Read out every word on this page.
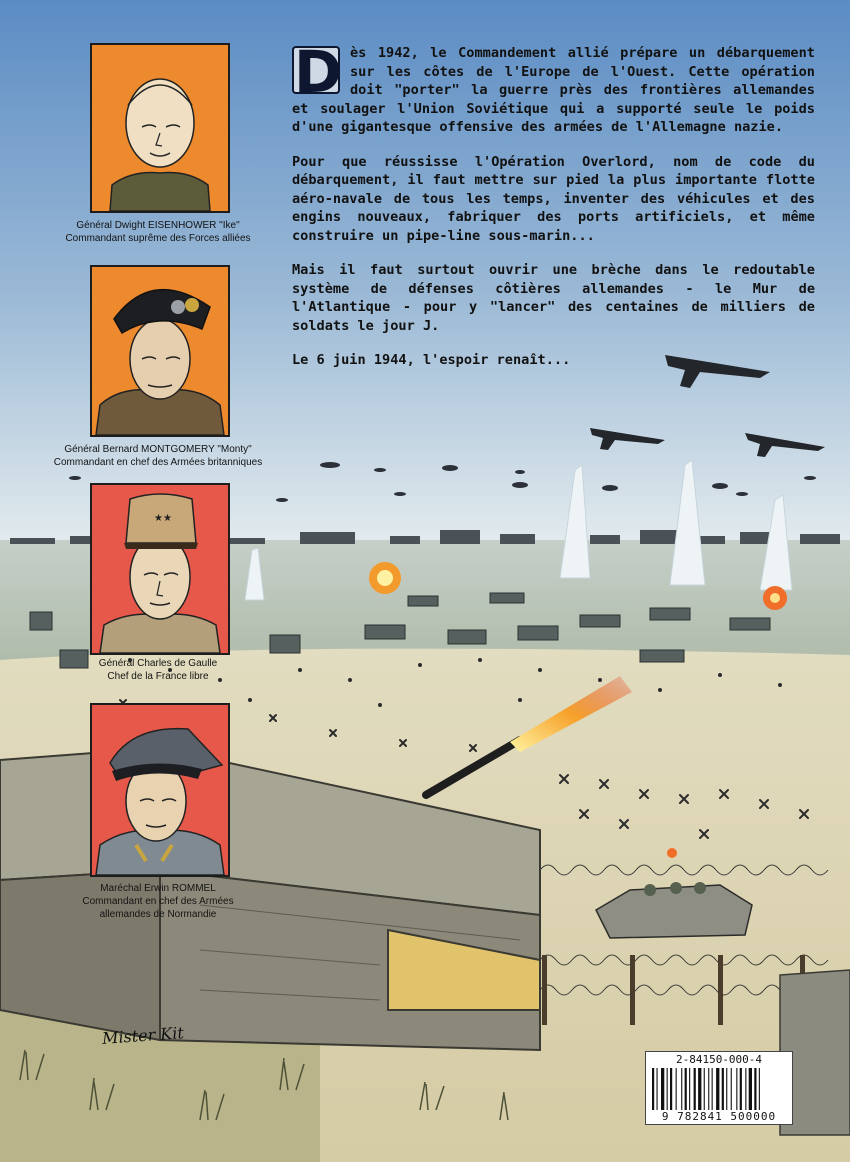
Général Dwight EISENHOWER "Ike"
Commandant suprême des Forces alliées
Général Bernard MONTGOMERY "Monty"
Commandant en chef des Armées britanniques
★★
Général Charles de Gaulle
Chef de la France libre
Maréchal Erwin ROMMEL
Commandant en chef des Armées
allemandes de Normandie

D ès 1942, le Commandement allié prépare un débarquement sur les côtes de l'Europe de l'Ouest. Cette opération doit "porter" la guerre près des frontières allemandes et soulager l'Union Soviétique qui a supporté seule le poids d'une gigantesque offensive des armées de l'Allemagne nazie.

Pour que réussisse l'Opération Overlord, nom de code du débarquement, il faut mettre sur pied la plus importante flotte aéro-navale de tous les temps, inventer des véhicules et des engins nouveaux, fabriquer des ports artificiels, et même construire un pipe-line sous-marin...

Mais il faut surtout ouvrir une brèche dans le redoutable système de défenses côtières allemandes - le Mur de l'Atlantique - pour y "lancer" des centaines de milliers de soldats le jour J.

Le 6 juin 1944, l'espoir renaît...

Mister Kit
2-84150-000-4
9 782841 500000
